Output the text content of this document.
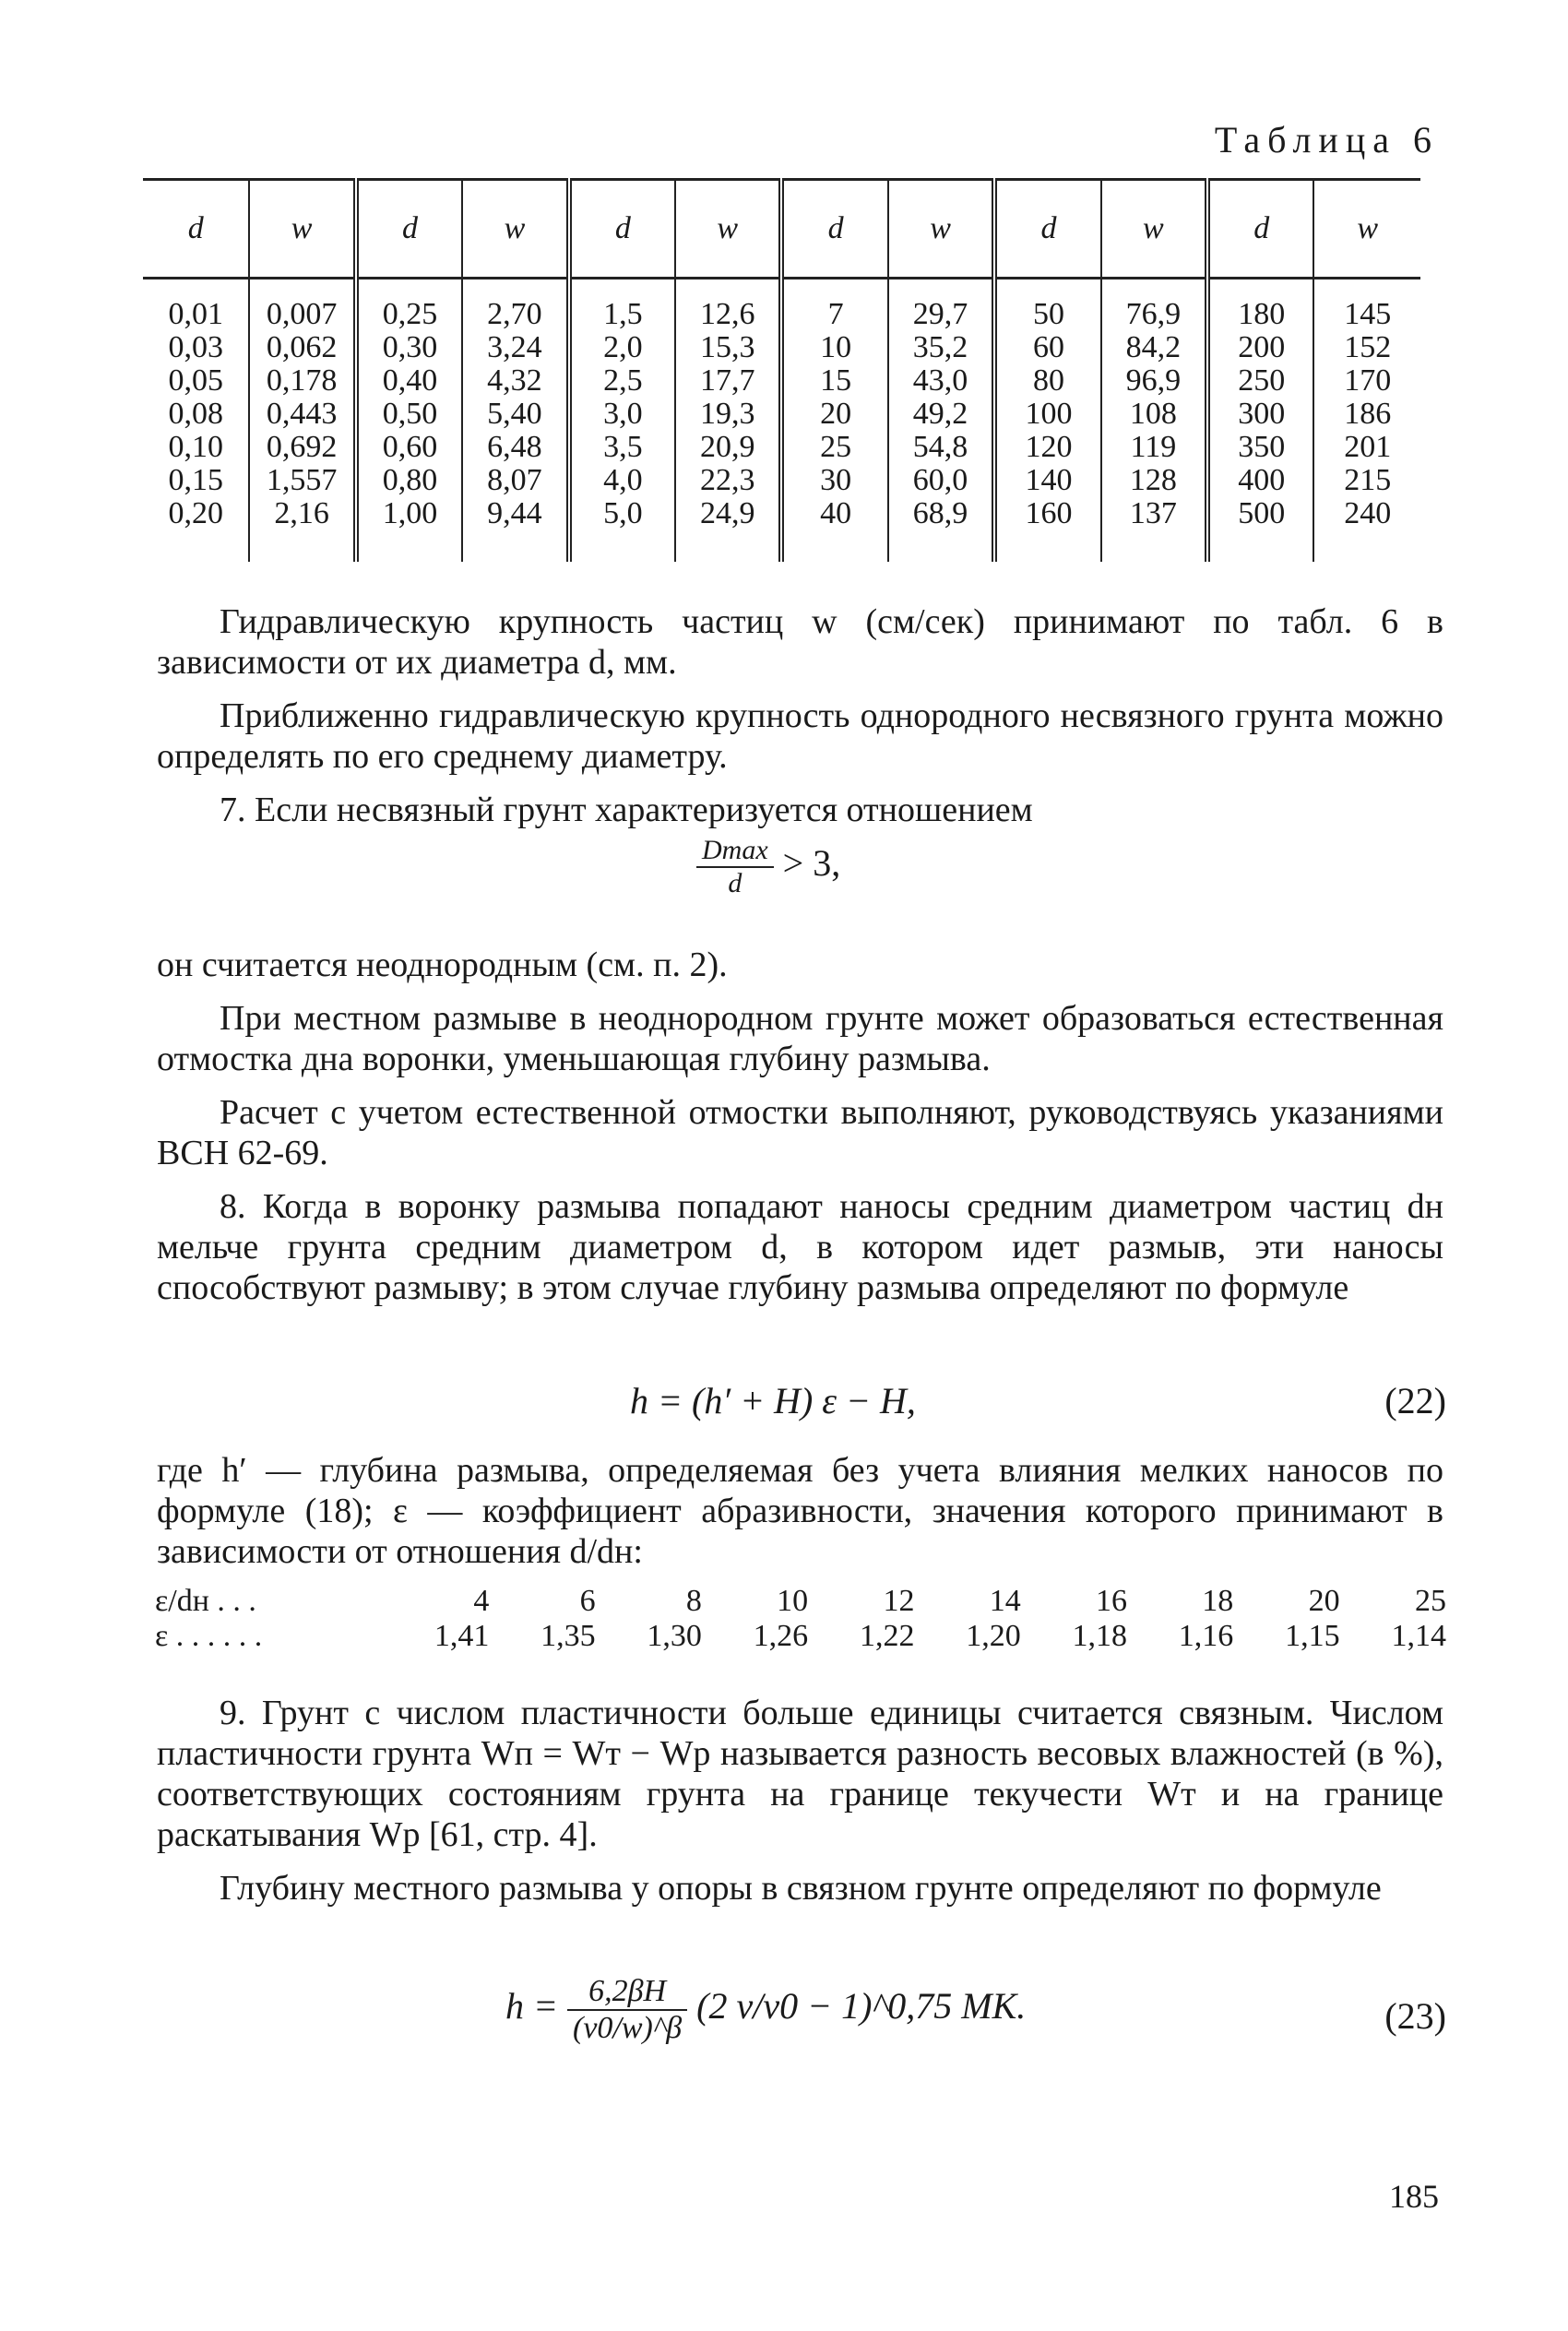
Таблица 6
d	w	d	w	d	w	d	w	d	w	d	w
0,01	0,007	0,25	2,70	1,5	12,6	7	29,7	50	76,9	180	145
0,03	0,062	0,30	3,24	2,0	15,3	10	35,2	60	84,2	200	152
0,05	0,178	0,40	4,32	2,5	17,7	15	43,0	80	96,9	250	170
0,08	0,443	0,50	5,40	3,0	19,3	20	49,2	100	108	300	186
0,10	0,692	0,60	6,48	3,5	20,9	25	54,8	120	119	350	201
0,15	1,557	0,80	8,07	4,0	22,3	30	60,0	140	128	400	215
0,20	2,16	1,00	9,44	5,0	24,9	40	68,9	160	137	500	240

Гидравлическую крупность частиц w (см/сек) принимают по табл. 6 в зависимости от их диаметра d, мм.

Приближенно гидравлическую крупность однородного несвязного грунта можно определять по его среднему диаметру.

7. Если несвязный грунт характеризуется отношением

$\frac{Dmax}{d} > 3$,

он считается неоднородным (см. п. 2).

При местном размыве в неоднородном грунте может образоваться естественная отмостка дна воронки, уменьшающая глубину размыва.

Расчет с учетом естественной отмостки выполняют, руководствуясь указаниями ВСН 62-69.

8. Когда в воронку размыва попадают наносы средним диаметром частиц dн мельче грунта средним диаметром d, в котором идет размыв, эти наносы способствуют размыву; в этом случае глубину размыва определяют по формуле

h = (h′ + H) ε − H,	(22)

где h′ — глубина размыва, определяемая без учета влияния мелких наносов по формуле (18); ε — коэффициент абразивности, значения которого принимают в зависимости от отношения d/dн:

ε/dн . . .	4	6	8	10	12	14	16	18	20	25
ε . . . . . .	1,41	1,35	1,30	1,26	1,22	1,20	1,18	1,16	1,15	1,14

9. Грунт с числом пластичности больше единицы считается связным. Числом пластичности грунта Wп = Wт − Wр называется разность весовых влажностей (в %), соответствующих состояниям грунта на границе текучести Wт и на границе раскатывания Wр [61, стр. 4].

Глубину местного размыва у опоры в связном грунте определяют по формуле

$h = \frac{6,2\beta H}{(v0/w)\^{}\beta} (2$ v/v0 − 1)^0,75 MK.	(23)
185
